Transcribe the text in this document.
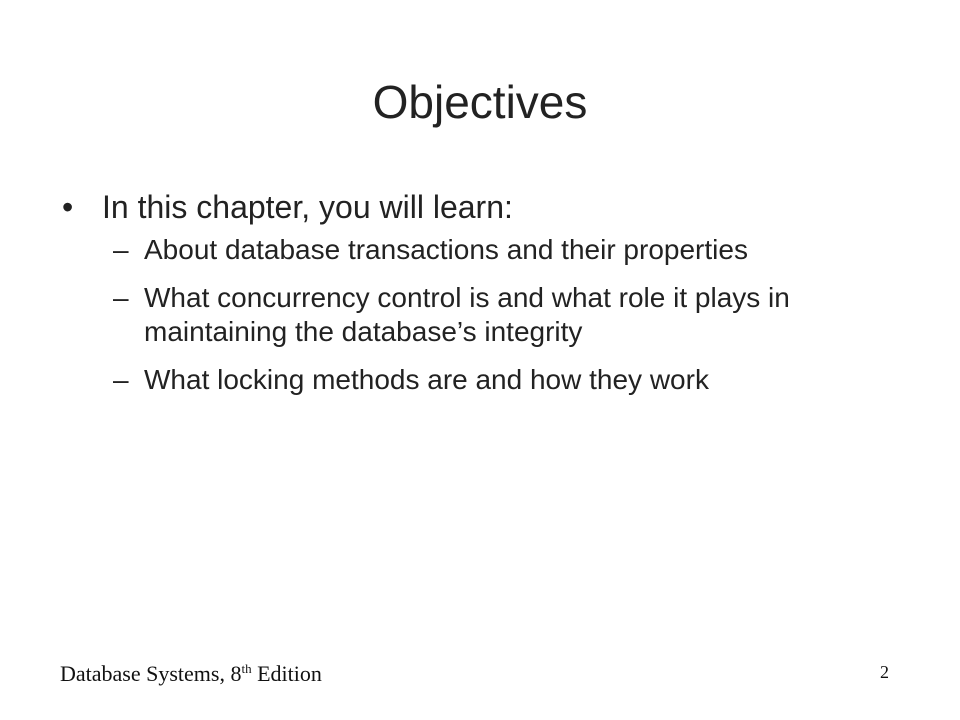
Objectives
• In this chapter, you will learn:
– About database transactions and their properties
– What concurrency control is and what role it plays in maintaining the database’s integrity
– What locking methods are and how they work
Database Systems, 8th Edition	2
